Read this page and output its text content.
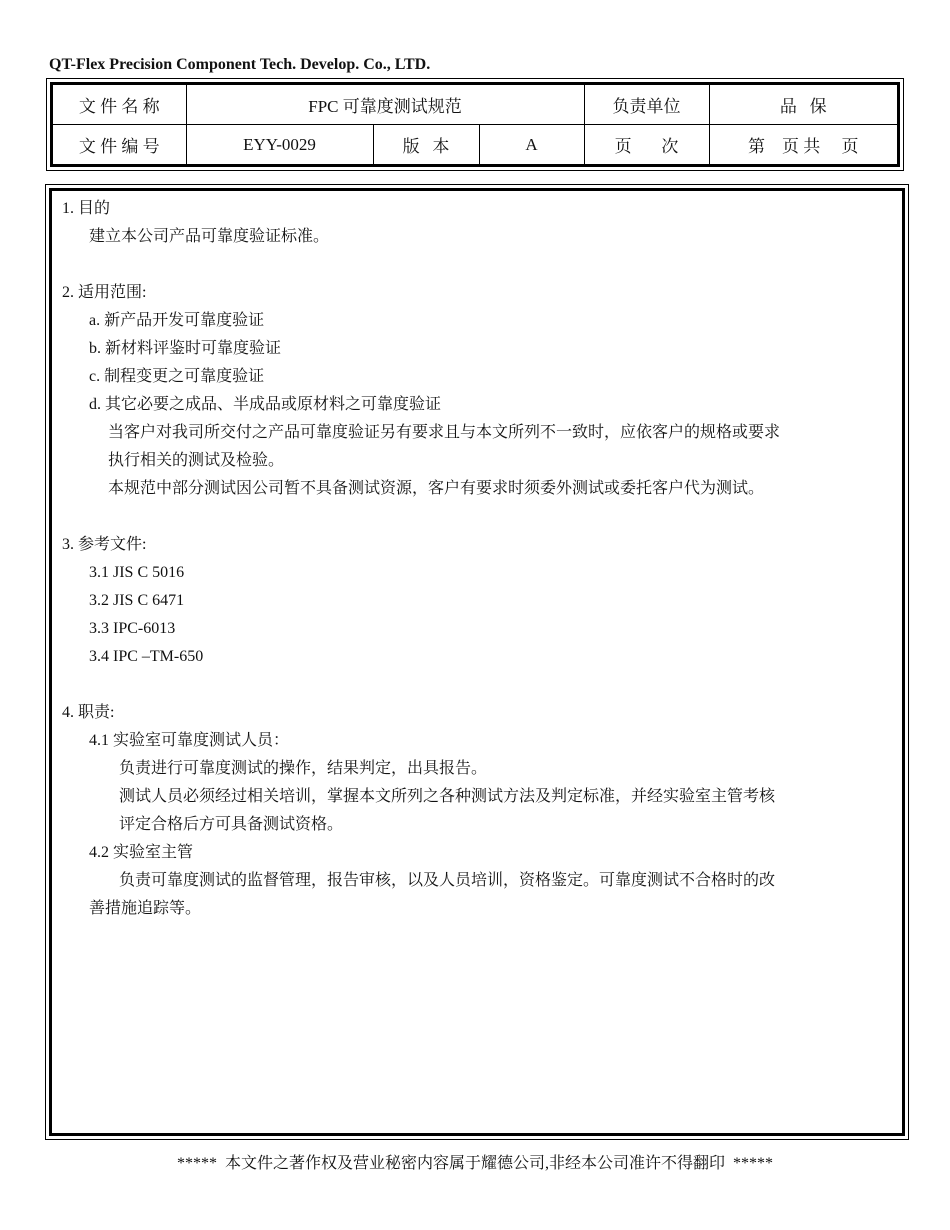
QT-Flex Precision Component Tech. Develop. Co., LTD.
文 件 名 称	FPC 可靠度测试规范			负责单位	品   保
文 件 编 号	EYY-0029	版   本	A	页       次	第    页 共     页
1. 目的
建立本公司产品可靠度验证标准。
2. 适用范围:
a. 新产品开发可靠度验证
b. 新材料评鉴时可靠度验证
c. 制程变更之可靠度验证
d. 其它必要之成品、半成品或原材料之可靠度验证
当客户对我司所交付之产品可靠度验证另有要求且与本文所列不一致时，应依客户的规格或要求
执行相关的测试及检验。
本规范中部分测试因公司暂不具备测试资源，客户有要求时须委外测试或委托客户代为测试。
3. 参考文件:
3.1 JIS C 5016
3.2 JIS C 6471
3.3 IPC-6013
3.4 IPC –TM-650
4. 职责:
4.1 实验室可靠度测试人员：
负责进行可靠度测试的操作，结果判定，出具报告。
测试人员必须经过相关培训，掌握本文所列之各种测试方法及判定标准，并经实验室主管考核
评定合格后方可具备测试资格。
4.2 实验室主管
负责可靠度测试的监督管理，报告审核，以及人员培训，资格鉴定。可靠度测试不合格时的改
善措施追踪等。
*****  本文件之著作权及营业秘密内容属于耀德公司,非经本公司准许不得翻印  *****
